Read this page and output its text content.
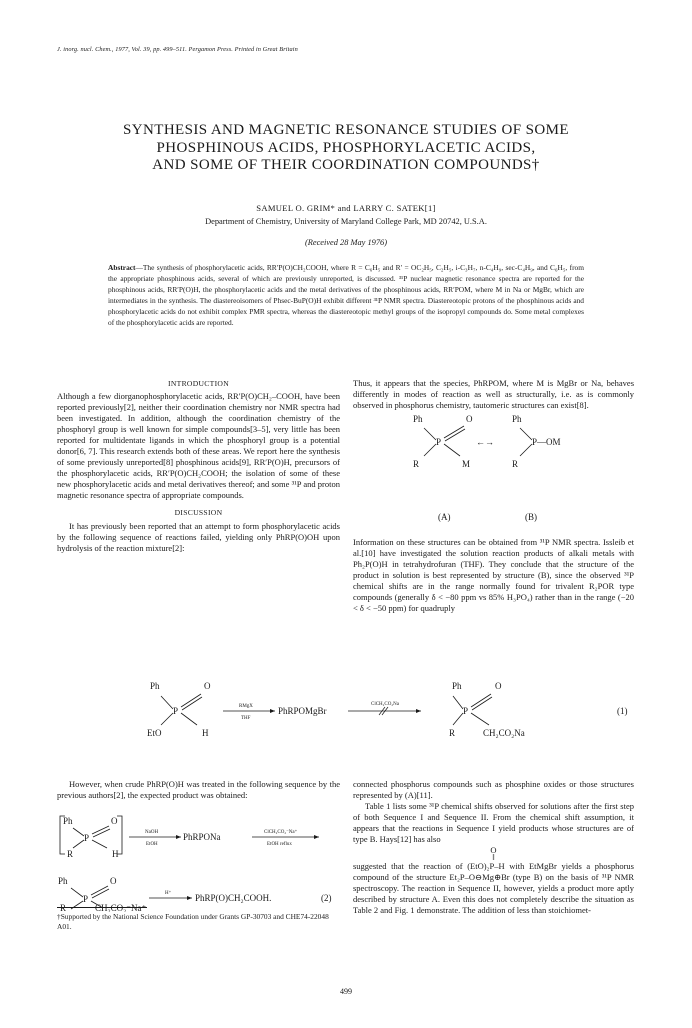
J. inorg. nucl. Chem., 1977, Vol. 39, pp. 499–511. Pergamon Press. Printed in Great Britain
SYNTHESIS AND MAGNETIC RESONANCE STUDIES OF SOME
PHOSPHINOUS ACIDS, PHOSPHORYLACETIC ACIDS,
AND SOME OF THEIR COORDINATION COMPOUNDS†
SAMUEL O. GRIM* and LARRY C. SATEK[1]
Department of Chemistry, University of Maryland College Park, MD 20742, U.S.A.
(Received 28 May 1976)
Abstract—The synthesis of phosphorylacetic acids, RR′P(O)CH₂COOH, where R = C₆H₅ and R′ = OC₂H₅, C₂H₅, i-C₃H₇, n-C₄H₉, sec-C₄H₉, and C₆H₅, from the appropriate phosphinous acids, several of which are previously unreported, is discussed. ³¹P nuclear magnetic resonance spectra are reported for the phosphinous acids, RR′P(O)H, the phosphorylacetic acids and the metal derivatives of the phosphinous acids, RR′POM, where M in Na or MgBr, which are intermediates in the synthesis. The diastereoisomers of Phsec-BuP(O)H exhibit different ³¹P NMR spectra. Diastereotopic protons of the phosphinous acids and phosphorylacetic acids do not exhibit complex PMR spectra, whereas the diastereotopic methyl groups of the isopropyl compounds do. Some metal complexes of the phosphorylacetic acids are reported.
INTRODUCTION

Although a few diorganophosphorylacetic acids, RR′P(O)CH₂–COOH, have been reported previously[2], neither their coordination chemistry nor NMR spectra had been investigated. In addition, although the coordination chemistry of the phosphoryl group is well known for simple compounds[3–5], very little has been reported for multidentate ligands in which the phosphoryl group is a potential donor[6, 7]. This research extends both of these areas. We report here the synthesis of some previously unreported[8] phosphinous acids[9], RR′P(O)H, precursors of the phosphorylacetic acids, RR′P(O)CH₂COOH; the isolation of some of these new phosphorylacetic acids and metal derivatives thereof; and some ³¹P and proton magnetic resonance spectra of appropriate compounds.

DISCUSSION

It has previously been reported that an attempt to form phosphorylacetic acids by the following sequence of reactions failed, yielding only PhRP(O)OH upon hydrolysis of the reaction mixture[2]:

Thus, it appears that the species, PhRPOM, where M is MgBr or Na, behaves differently in modes of reaction as well as structurally, i.e. as is commonly observed in phosphorus chemistry, tautomeric structures can exist[8].

Ph	O	Ph
P	←→	P—OM
R	M	R
(A)	(B)

Information on these structures can be obtained from ³¹P NMR spectra. Issleib et al.[10] have investigated the solution reaction products of alkali metals with Ph₂P(O)H in tetrahydrofuran (THF). They conclude that the structure of the product in solution is best represented by structure (B), since the observed ³¹P chemical shifts are in the range normally found for trivalent R₂POR type compounds (generally δ < −80 ppm vs 85% H₃PO₄) rather than in the range (−20 < δ < −50 ppm) for quadruply

Ph	O
P
EtO	H
RMgX
THF
PhRPOMgBr
ClCH₂CO₂Na
Ph	O
P
R	CH₂CO₂Na
(1)

However, when crude PhRP(O)H was treated in the following sequence by the previous authors[2], the expected product was obtained:

Ph	O
P
R	H
NaOH
EtOH
PhRPONa	ClCH₂CO₂⁻Na⁺
EtOH reflux
Ph	O
P
R	CH₂CO₂⁻Na⁺
H⁺	PhRP(O)CH₂COOH.	(2)
†Supported by the National Science Foundation under Grants GP-30703 and CHE74-22048 A01.

connected phosphorus compounds such as phosphine oxides or those structures represented by (A)[11].

Table 1 lists some ³¹P chemical shifts observed for solutions after the first step of both Sequence I and Sequence II. From the chemical shift assumption, it appears that the reactions in Sequence I yield products whose structures are of type B. Hays[12] has also

O
‖

suggested that the reaction of (EtO)₂P–H with EtMgBr yields a phosphorus compound of the structure Et₂P–O⊖Mg⊕Br (type B) on the basis of ³¹P NMR spectroscopy. The reaction in Sequence II, however, yields a product more aptly described by structure A. Even this does not completely describe the situation as Table 2 and Fig. 1 demonstrate. The addition of less than stoichiomet-

499
